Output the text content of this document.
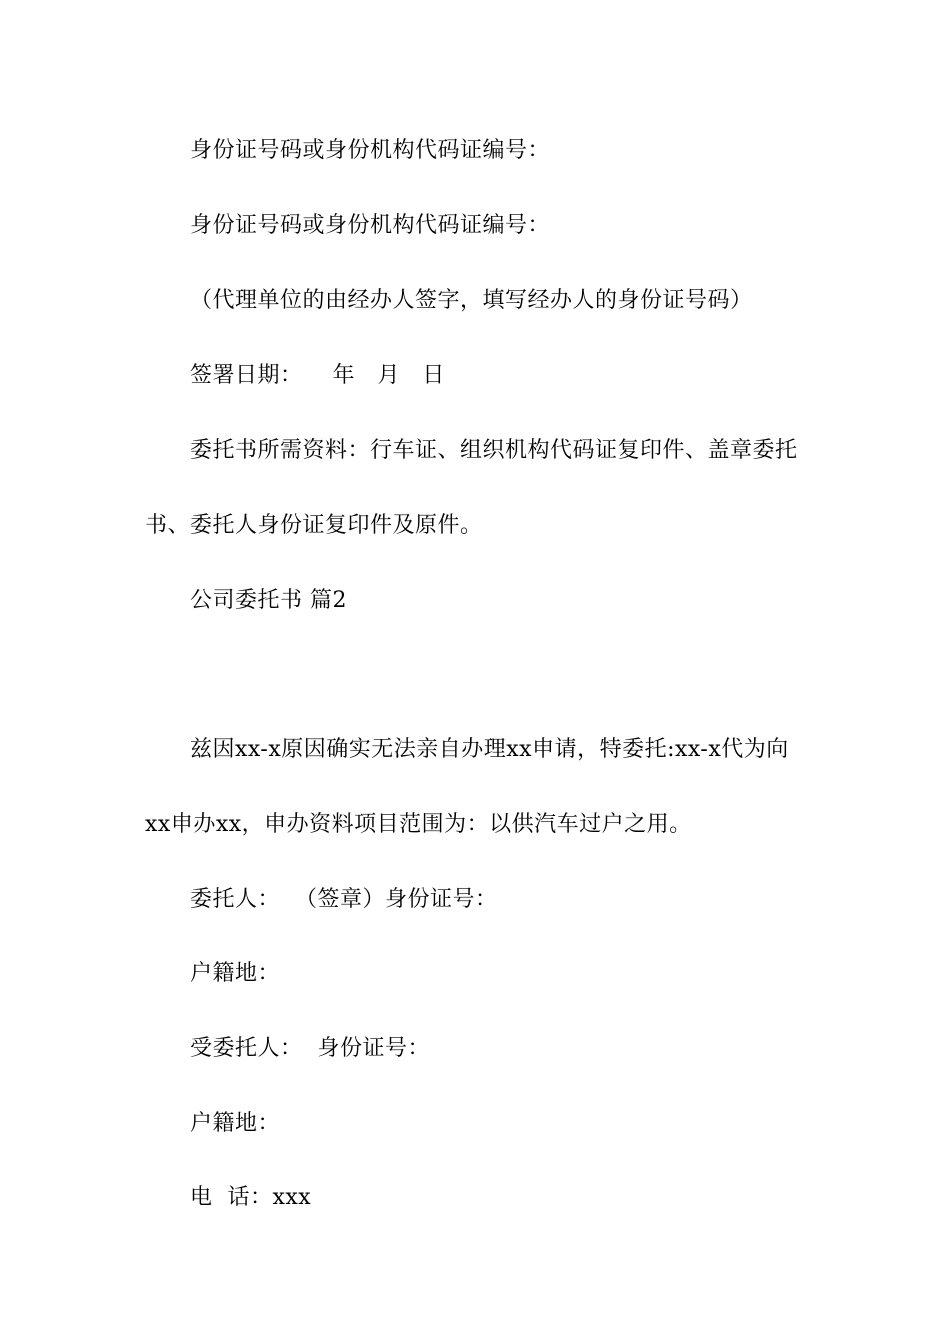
身份证号码或身份机构代码证编号：
身份证号码或身份机构代码证编号：
（代理单位的由经办人签字，填写经办人的身份证号码）
签署日期：    年   月   日
委托书所需资料：行车证、组织机构代码证复印件、盖章委托
书、委托人身份证复印件及原件。
公司委托书 篇2
兹因xx-x原因确实无法亲自办理xx申请，特委托:xx-x代为向
xx申办xx，申办资料项目范围为：以供汽车过户之用。
委托人：  （签章）身份证号：
户籍地：
受委托人：  身份证号：
户籍地：
电  话：xxx
